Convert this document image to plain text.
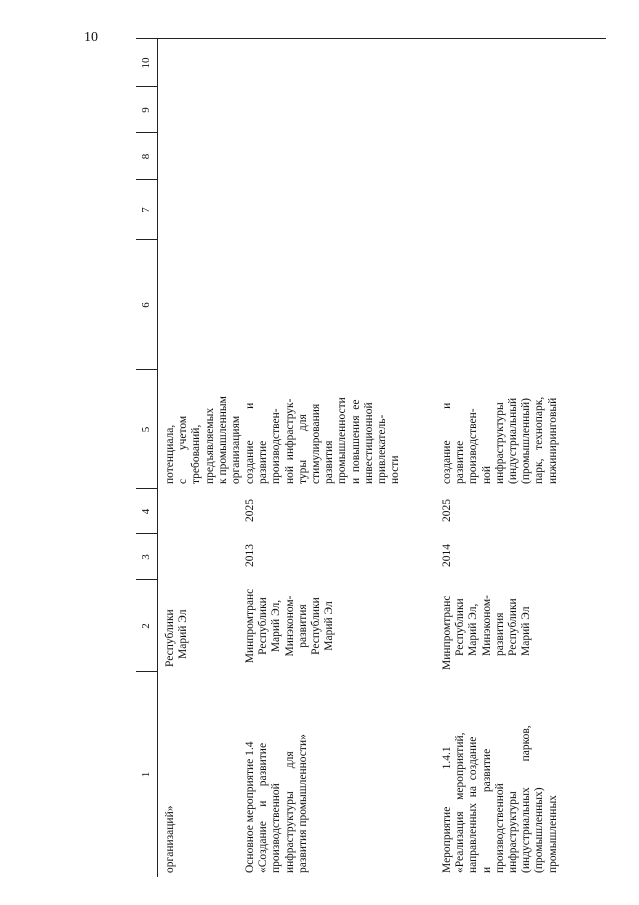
10
1
2
3
4
5
6
7
8
9
10
организаций»
Республики Марий Эл
потенциала, с          учетом требований, предъявляемых к промышленным организациям
Основное мероприятие 1.4 «Создание     и     развитие производственной инфраструктуры        для развития промышленности»
Минпромтранс Республики Марий Эл, Минэконом- развития Республики Марий Эл
2013
2025
создание           и развитие производствен- ной  инфраструк- туры          для стимулирования развития промышленности и  повышения  ее инвестиционной привлекатель- ности
Мероприятие             1.4.1 «Реализация    мероприятий, направленных  на  создание и                          развитие производственной инфраструктуры (индустриальных         парков, (промышленных) промышленных
Минпромтранс Республики Марий Эл, Минэконом- развития Республики Марий Эл
2014
2025
создание           и развитие производствен- ной инфраструктуры (индустриальный (промышленный) парк,   технопарк, инжиниринговый
